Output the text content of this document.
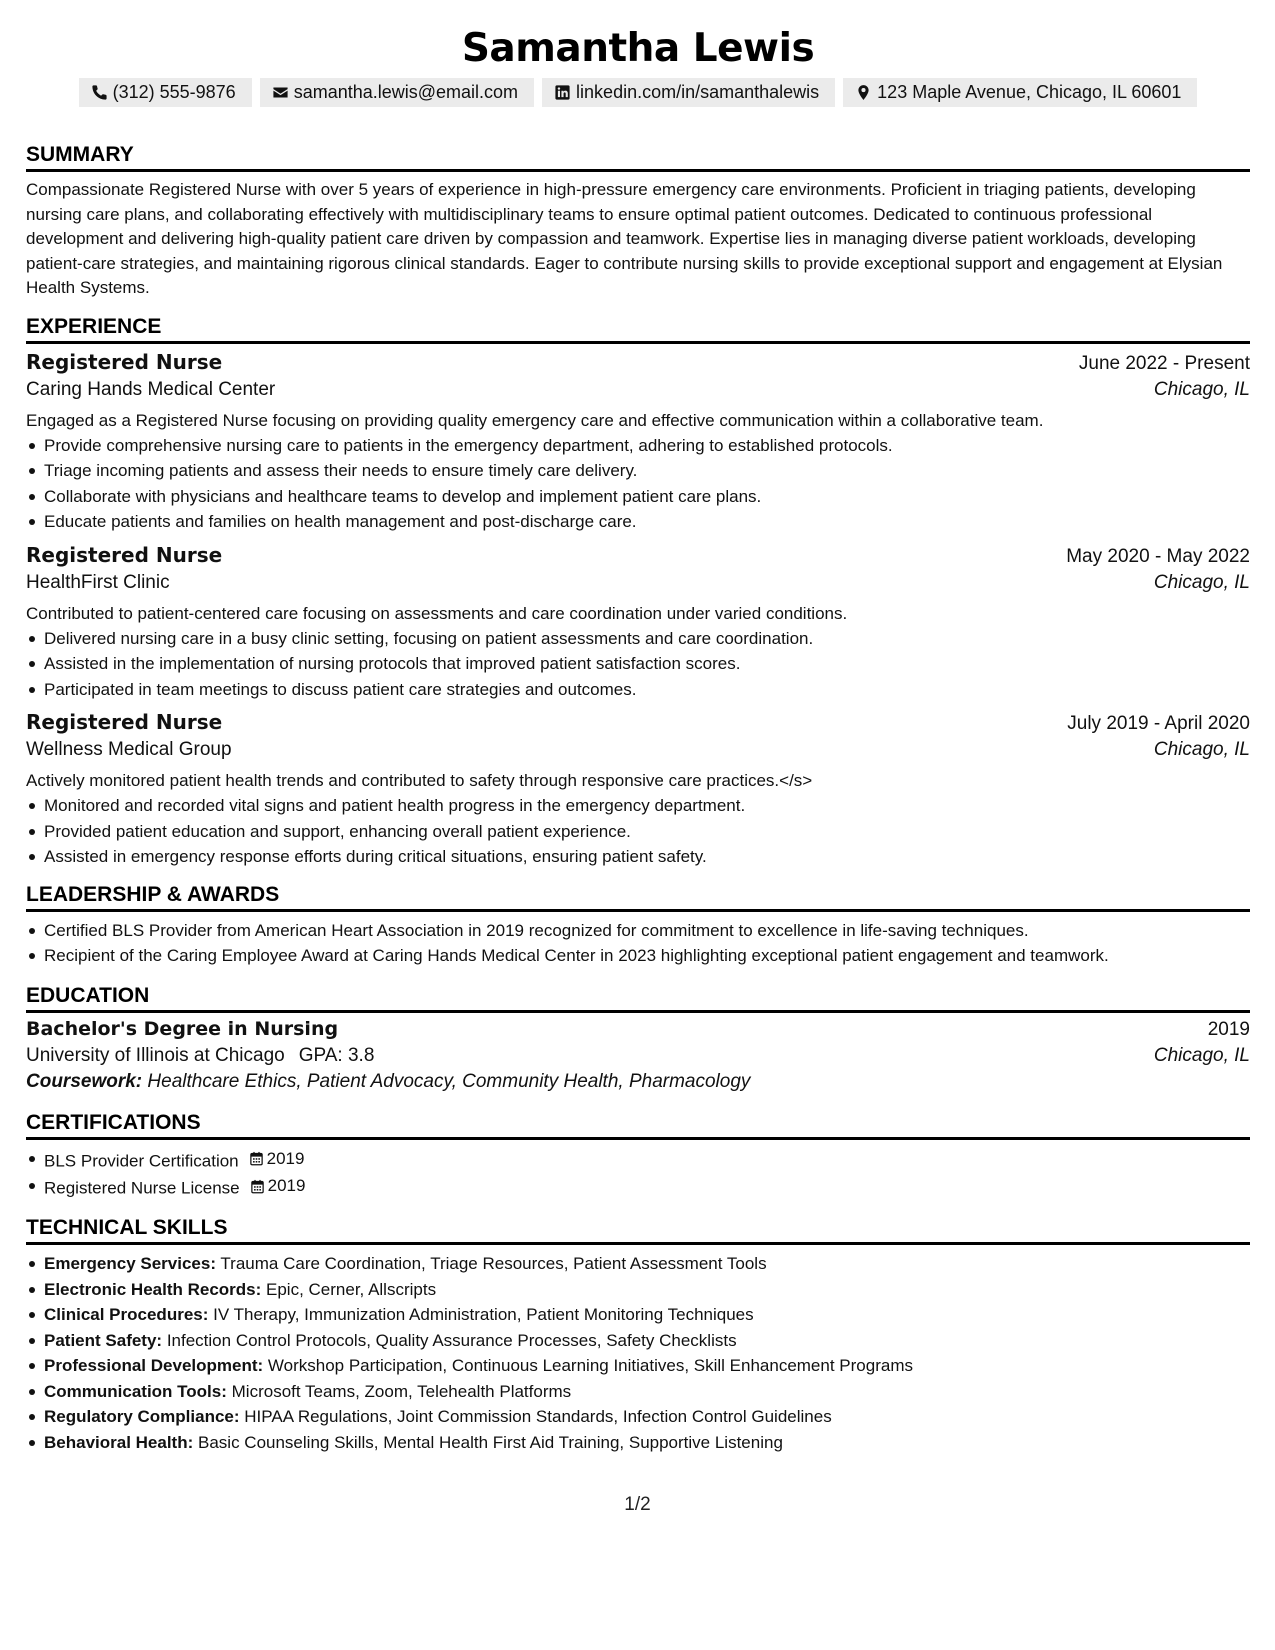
Samantha Lewis
(312) 555-9876	samantha.lewis@email.com	linkedin.com/in/samanthalewis	123 Maple Avenue, Chicago, IL 60601
SUMMARY
Compassionate Registered Nurse with over 5 years of experience in high-pressure emergency care environments. Proficient in triaging patients, developing nursing care plans, and collaborating effectively with multidisciplinary teams to ensure optimal patient outcomes. Dedicated to continuous professional development and delivering high-quality patient care driven by compassion and teamwork. Expertise lies in managing diverse patient workloads, developing patient-care strategies, and maintaining rigorous clinical standards. Eager to contribute nursing skills to provide exceptional support and engagement at Elysian Health Systems.
EXPERIENCE
Registered Nurse	June 2022 - Present
Caring Hands Medical Center	Chicago, IL
Engaged as a Registered Nurse focusing on providing quality emergency care and effective communication within a collaborative team.
Provide comprehensive nursing care to patients in the emergency department, adhering to established protocols.
Triage incoming patients and assess their needs to ensure timely care delivery.
Collaborate with physicians and healthcare teams to develop and implement patient care plans.
Educate patients and families on health management and post-discharge care.
Registered Nurse	May 2020 - May 2022
HealthFirst Clinic	Chicago, IL
Contributed to patient-centered care focusing on assessments and care coordination under varied conditions.
Delivered nursing care in a busy clinic setting, focusing on patient assessments and care coordination.
Assisted in the implementation of nursing protocols that improved patient satisfaction scores.
Participated in team meetings to discuss patient care strategies and outcomes.
Registered Nurse	July 2019 - April 2020
Wellness Medical Group	Chicago, IL
Actively monitored patient health trends and contributed to safety through responsive care practices.</s>
Monitored and recorded vital signs and patient health progress in the emergency department.
Provided patient education and support, enhancing overall patient experience.
Assisted in emergency response efforts during critical situations, ensuring patient safety.
LEADERSHIP & AWARDS
Certified BLS Provider from American Heart Association in 2019 recognized for commitment to excellence in life-saving techniques.
Recipient of the Caring Employee Award at Caring Hands Medical Center in 2023 highlighting exceptional patient engagement and teamwork.
EDUCATION
Bachelor's Degree in Nursing	2019
University of Illinois at Chicago GPA: 3.8	Chicago, IL
Coursework: Healthcare Ethics, Patient Advocacy, Community Health, Pharmacology
CERTIFICATIONS
BLS Provider Certification 2019
Registered Nurse License 2019
TECHNICAL SKILLS
Emergency Services: Trauma Care Coordination, Triage Resources, Patient Assessment Tools
Electronic Health Records: Epic, Cerner, Allscripts
Clinical Procedures: IV Therapy, Immunization Administration, Patient Monitoring Techniques
Patient Safety: Infection Control Protocols, Quality Assurance Processes, Safety Checklists
Professional Development: Workshop Participation, Continuous Learning Initiatives, Skill Enhancement Programs
Communication Tools: Microsoft Teams, Zoom, Telehealth Platforms
Regulatory Compliance: HIPAA Regulations, Joint Commission Standards, Infection Control Guidelines
Behavioral Health: Basic Counseling Skills, Mental Health First Aid Training, Supportive Listening
1/2
